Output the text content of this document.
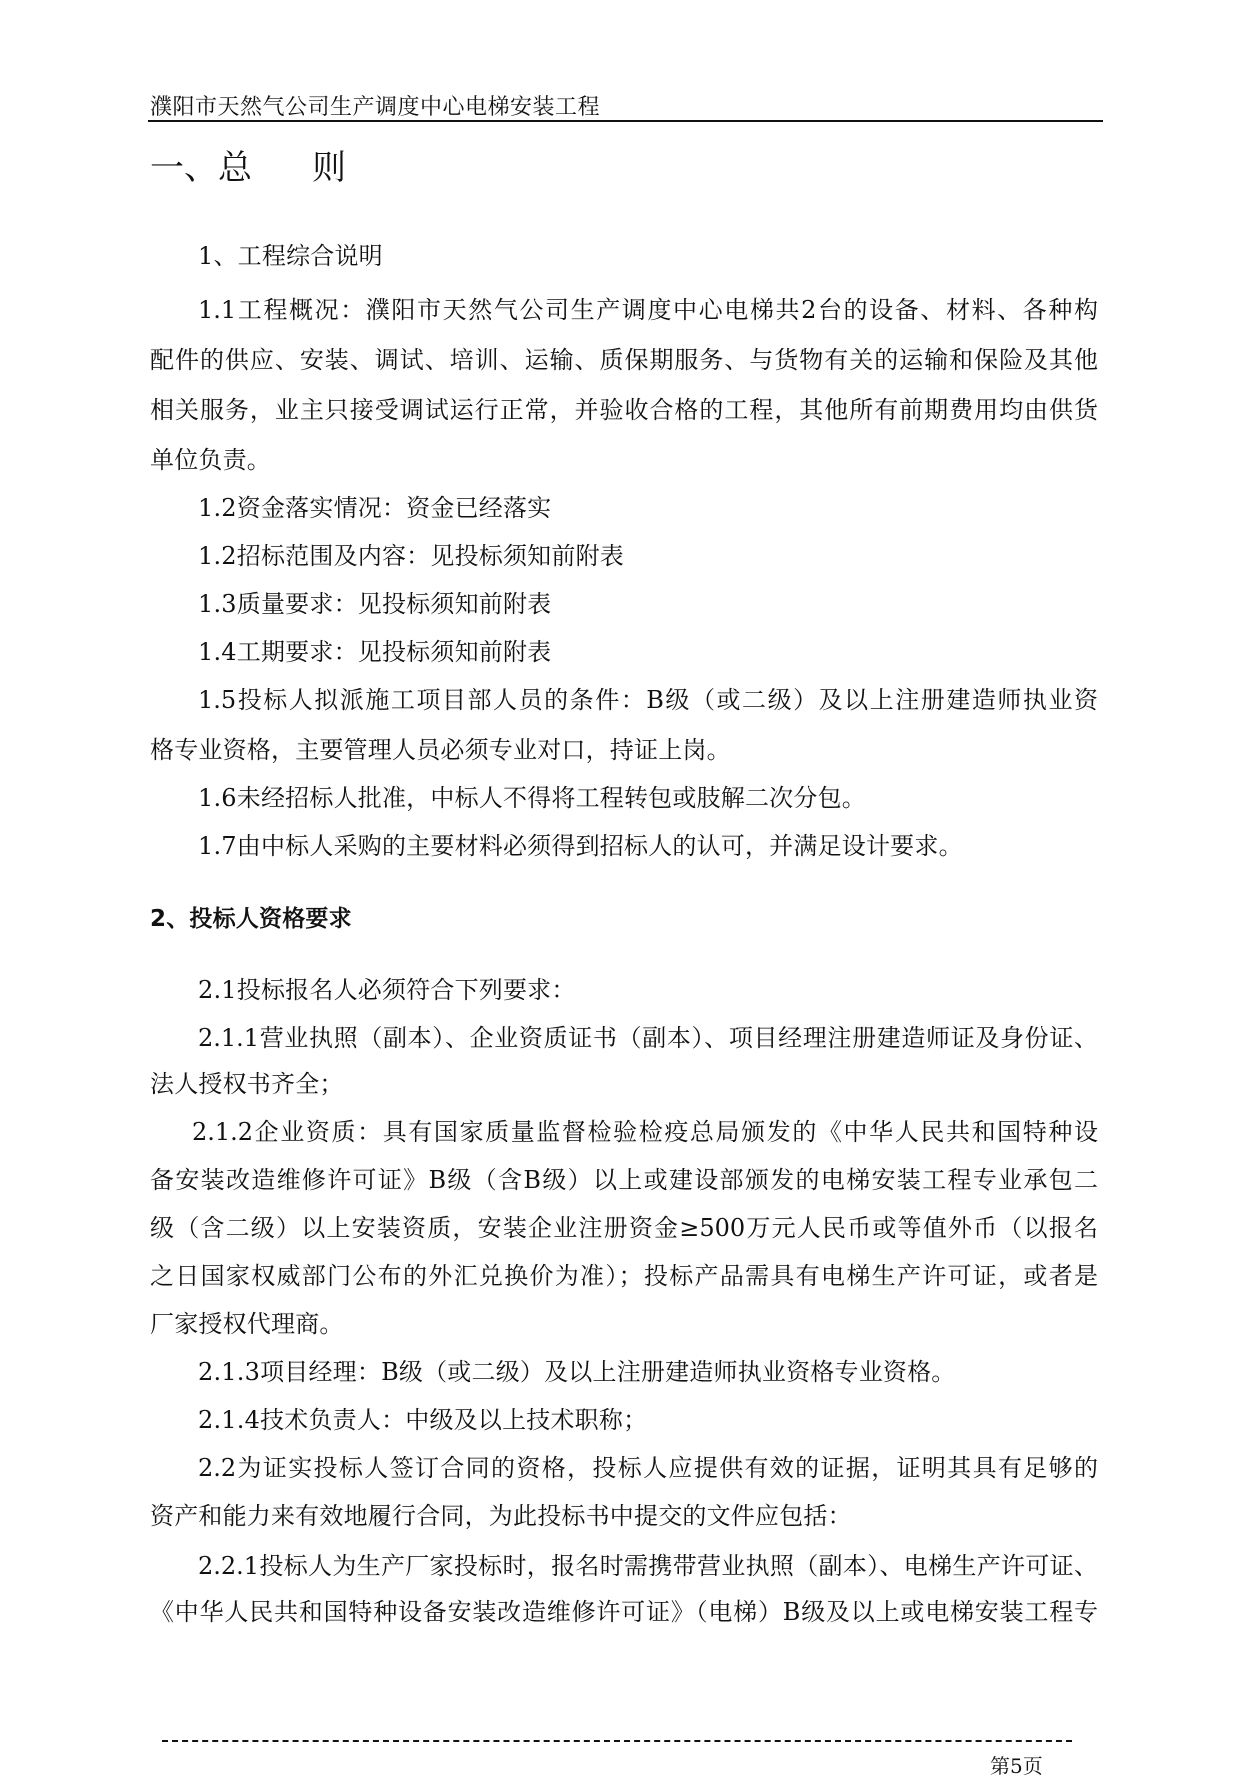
濮阳市天然气公司生产调度中心电梯安装工程
一、总 则
1、工程综合说明
1.1工程概况：濮阳市天然气公司生产调度中心电梯共2台的设备、材料、各种构
配件的供应、安装、调试、培训、运输、质保期服务、与货物有关的运输和保险及其他
相关服务，业主只接受调试运行正常，并验收合格的工程，其他所有前期费用均由供货
单位负责。
1.2资金落实情况：资金已经落实
1.2招标范围及内容：见投标须知前附表
1.3质量要求：见投标须知前附表
1.4工期要求：见投标须知前附表
1.5投标人拟派施工项目部人员的条件：B级（或二级）及以上注册建造师执业资
格专业资格，主要管理人员必须专业对口，持证上岗。
1.6未经招标人批准，中标人不得将工程转包或肢解二次分包。
1.7由中标人采购的主要材料必须得到招标人的认可，并满足设计要求。
2、投标人资格要求
2.1投标报名人必须符合下列要求：
2.1.1营业执照（副本）、企业资质证书（副本）、项目经理注册建造师证及身份证、
法人授权书齐全；
2.1.2企业资质：具有国家质量监督检验检疫总局颁发的《中华人民共和国特种设
备安装改造维修许可证》B级（含B级）以上或建设部颁发的电梯安装工程专业承包二
级（含二级）以上安装资质，安装企业注册资金≥500万元人民币或等值外币（以报名
之日国家权威部门公布的外汇兑换价为准）；投标产品需具有电梯生产许可证，或者是
厂家授权代理商。
2.1.3项目经理：B级（或二级）及以上注册建造师执业资格专业资格。
2.1.4技术负责人：中级及以上技术职称；
2.2为证实投标人签订合同的资格，投标人应提供有效的证据，证明其具有足够的
资产和能力来有效地履行合同，为此投标书中提交的文件应包括：
2.2.1投标人为生产厂家投标时，报名时需携带营业执照（副本）、电梯生产许可证、
《中华人民共和国特种设备安装改造维修许可证》（电梯）B级及以上或电梯安装工程专
第5页
